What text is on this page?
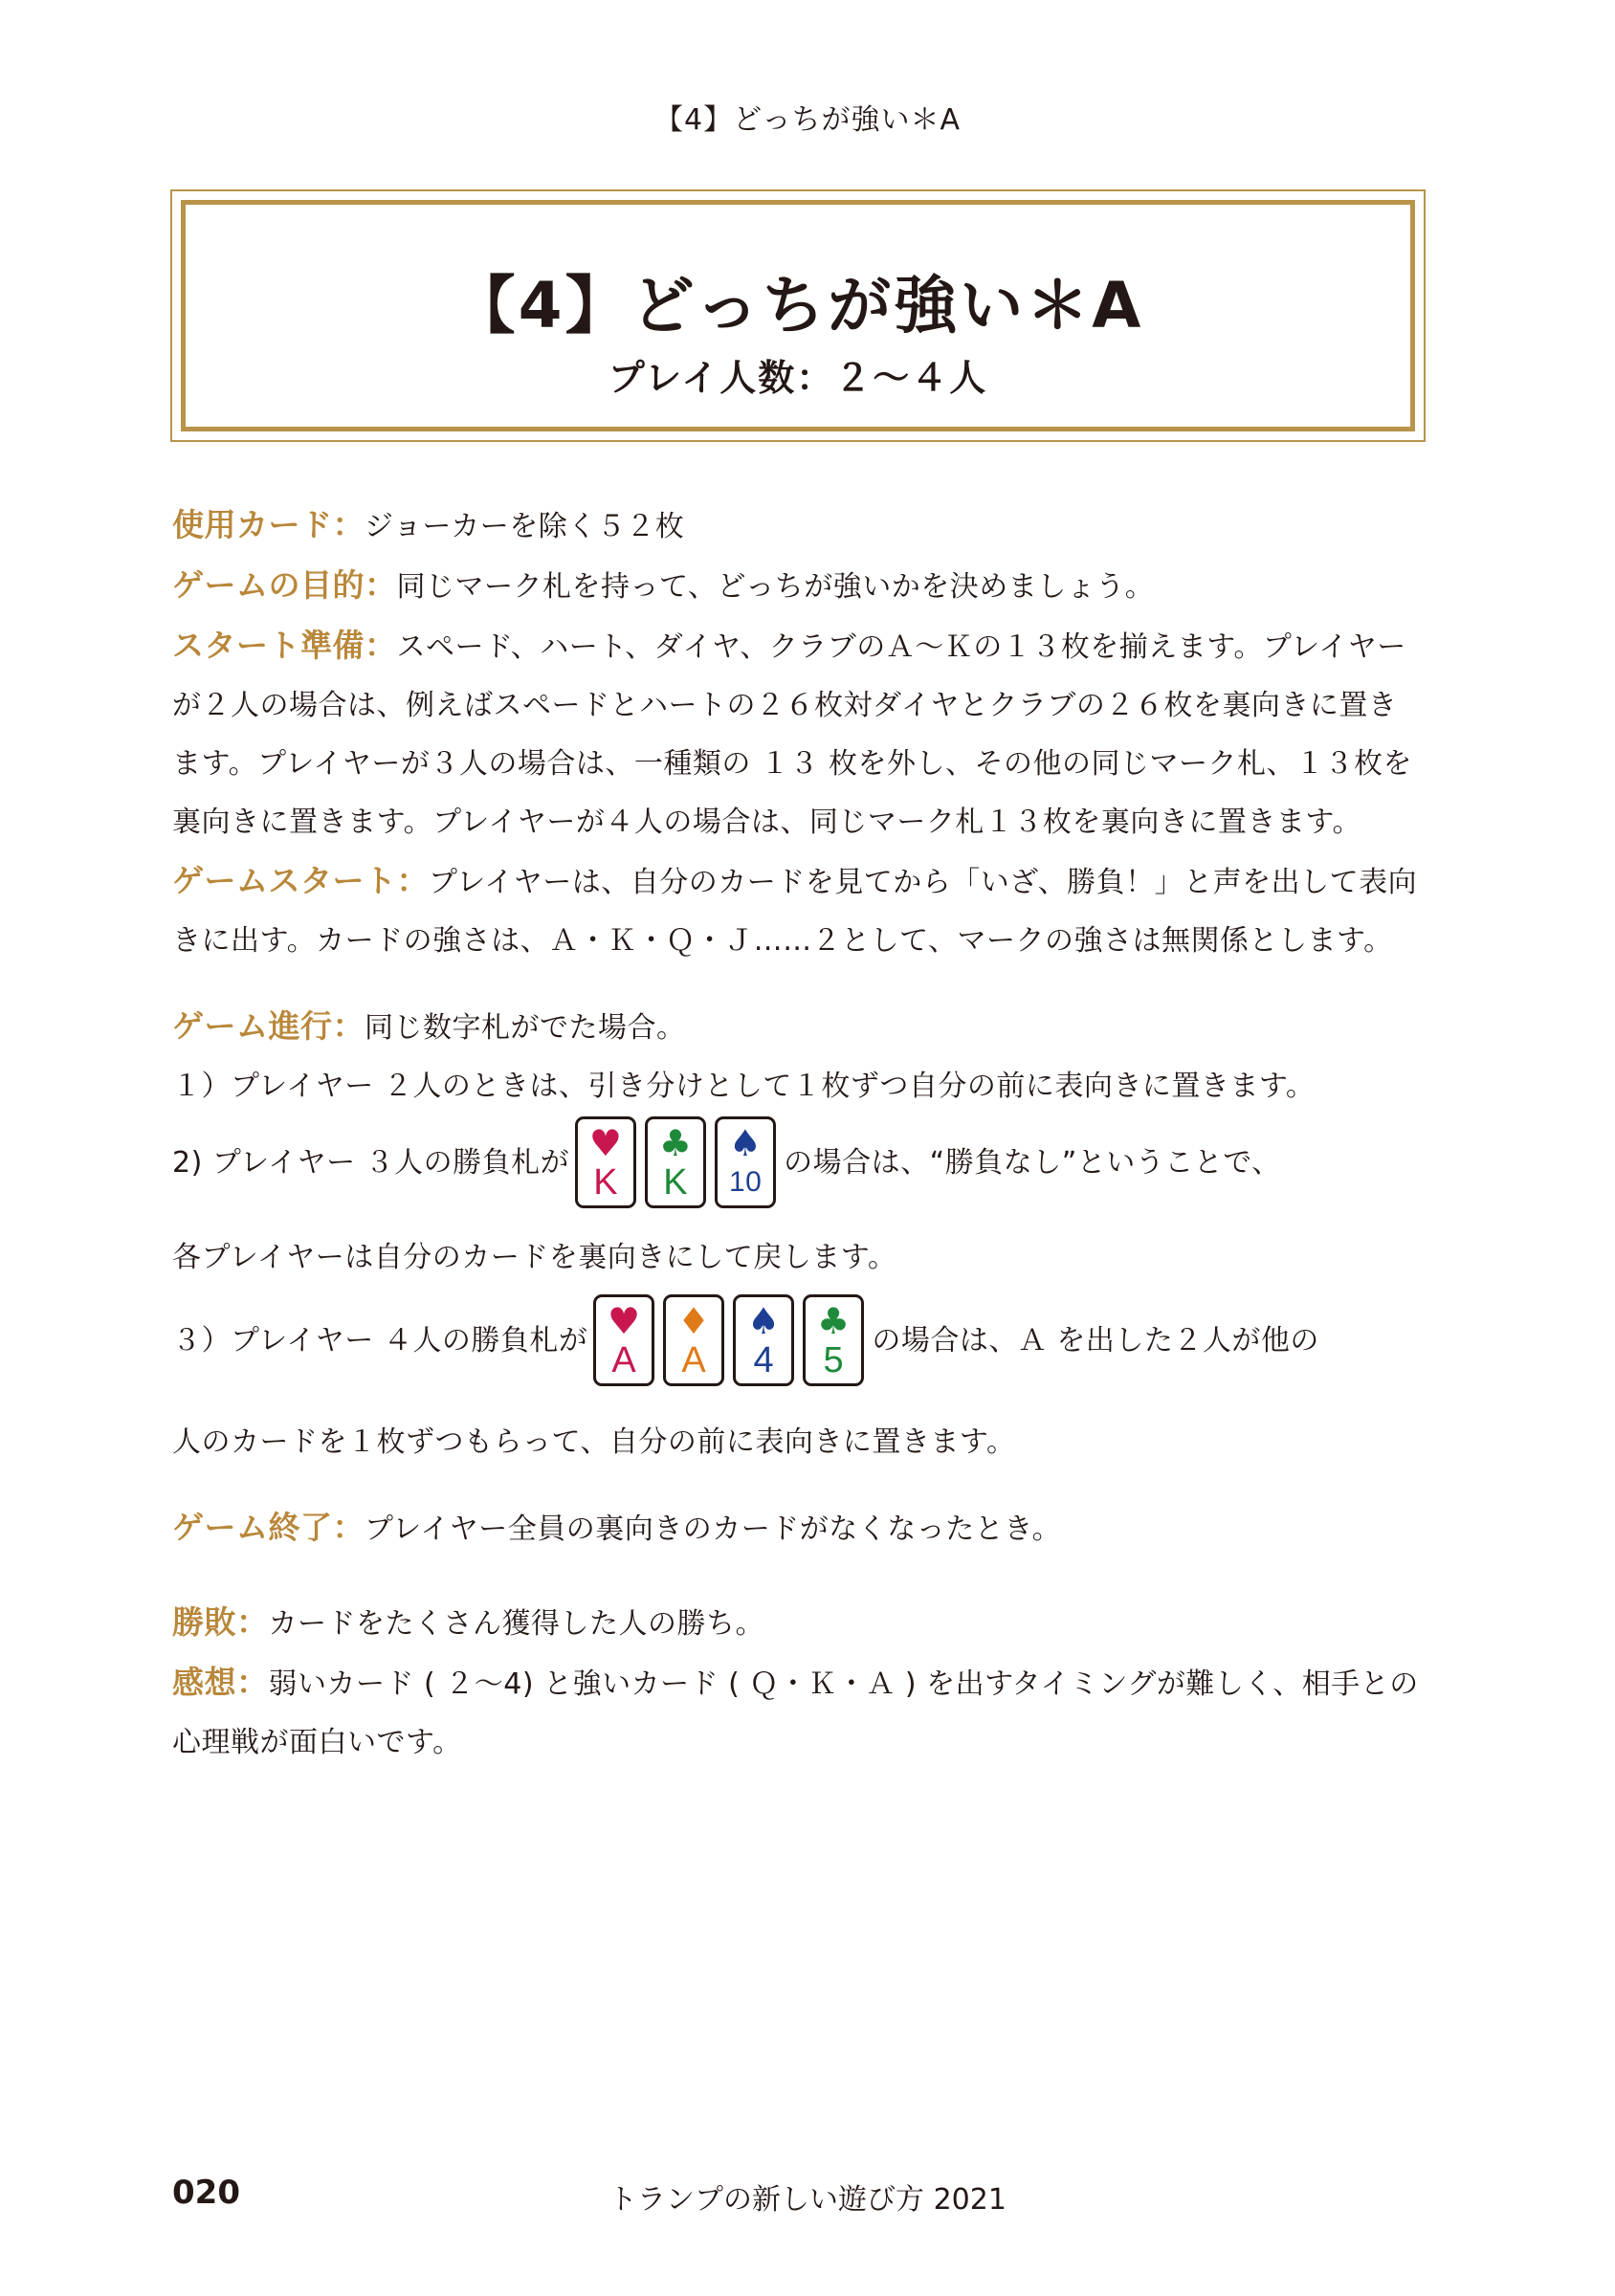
【4】どっちが強い＊A
【4】どっちが強い＊A
プレイ人数：２～４人

使用カード：ジョーカーを除く５２枚

ゲームの目的：同じマーク札を持って、どっちが強いかを決めましょう。

スタート準備：スペード、ハート、ダイヤ、クラブのＡ～Ｋの１３枚を揃えます。プレイヤーが２人の場合は、例えばスペードとハートの２６枚対ダイヤとクラブの２６枚を裏向きに置きます。プレイヤーが３人の場合は、一種類の １３ 枚を外し、その他の同じマーク札、１３枚を裏向きに置きます。プレイヤーが４人の場合は、同じマーク札１３枚を裏向きに置きます。

ゲームスタート：プレイヤーは、自分のカードを見てから「いざ、勝負！」と声を出して表向きに出す。カードの強さは、Ａ・Ｋ・Ｑ・Ｊ……２として、マークの強さは無関係とします。

ゲーム進行：同じ数字札がでた場合。

１）プレイヤー ２人のときは、引き分けとして１枚ずつ自分の前に表向きに置きます。

2) プレイヤー ３人の勝負札が ♥
K
♣
K
♠
10
の場合は、“勝負なし”ということで、

各プレイヤーは自分のカードを裏向きにして戻します。

３）プレイヤー ４人の勝負札が ♥
A
♦
A
♠
4
♣
5 の場合は、Ａ を出した２人が他の

人のカードを１枚ずつもらって、自分の前に表向きに置きます。

ゲーム終了：プレイヤー全員の裏向きのカードがなくなったとき。

勝敗：カードをたくさん獲得した人の勝ち。

感想：弱いカード ( ２～4) と強いカード ( Ｑ・Ｋ・Ａ ) を出すタイミングが難しく、相手との心理戦が面白いです。

020	トランプの新しい遊び方 2021
